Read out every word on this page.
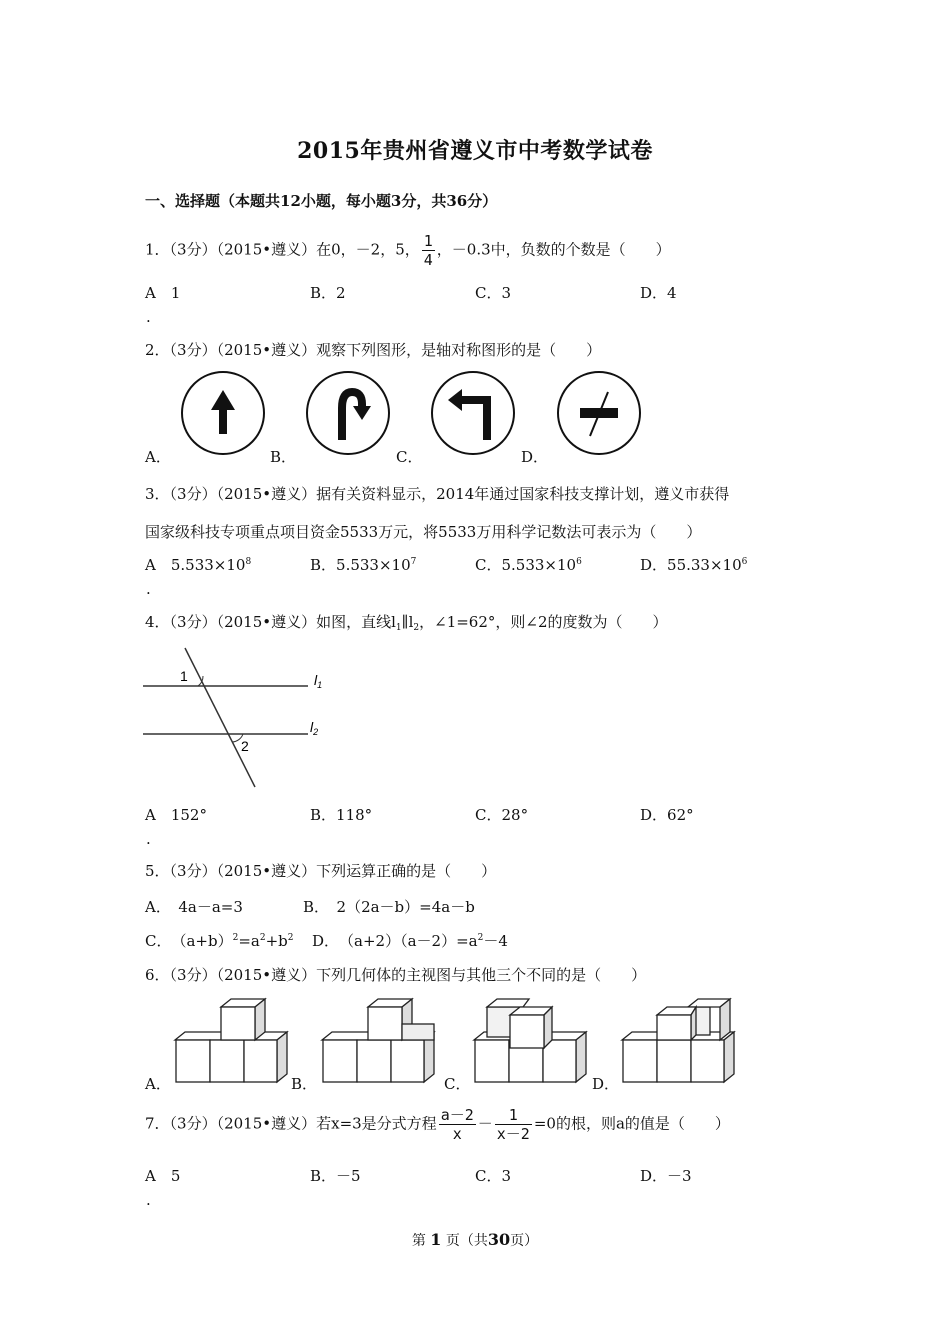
2015年贵州省遵义市中考数学试卷
一、选择题（本题共12小题，每小题3分，共36分）
1．（3分）（2015•遵义）在0，－2，5， $\frac{1}{4}$ ，－0.3中，负数的个数是（　　）
A　1	B．2	C．3	D．4
.
2．（3分）（2015•遵义）观察下列图形，是轴对称图形的是（　　）
A．	B．	C．	D．
3．（3分）（2015•遵义）据有关资料显示，2014年通过国家科技支撑计划，遵义市获得
国家级科技专项重点项目资金5533万元，将5533万用科学记数法可表示为（　　）
A　 $5.533\times 10^8$	B．$5.533\times 10^7$	C．$5.533\times 10^6$	D．$55.33\times 10^6$
.
4．（3分）（2015•遵义）如图，直线$l_1\parallel l_2$，∠1=62°，则∠2的度数为（　　）
1
2
$l_1$
$l_2$
A　152°	B．118°	C．28°	D．62°
.
5．（3分）（2015•遵义）下列运算正确的是（　　）
A．　4a－a=3	B．　2（2a－b）=4a－b
C．　$(a+b)^2=a^2+b^2$ D．　$(a+2)(a-2)=a^2-4$
6．（3分）（2015•遵义）下列几何体的主视图与其他三个不同的是（　　）
A．	B．	C．	D．
7．（3分）（2015•遵义）若x=3是分式方程 $\frac{a-2}{x} - \frac{1}{x-2} =0$的根，则a的值是（　　）
A　5	B．－5	C．3	D．－3
.
第 1 页（共30页）
